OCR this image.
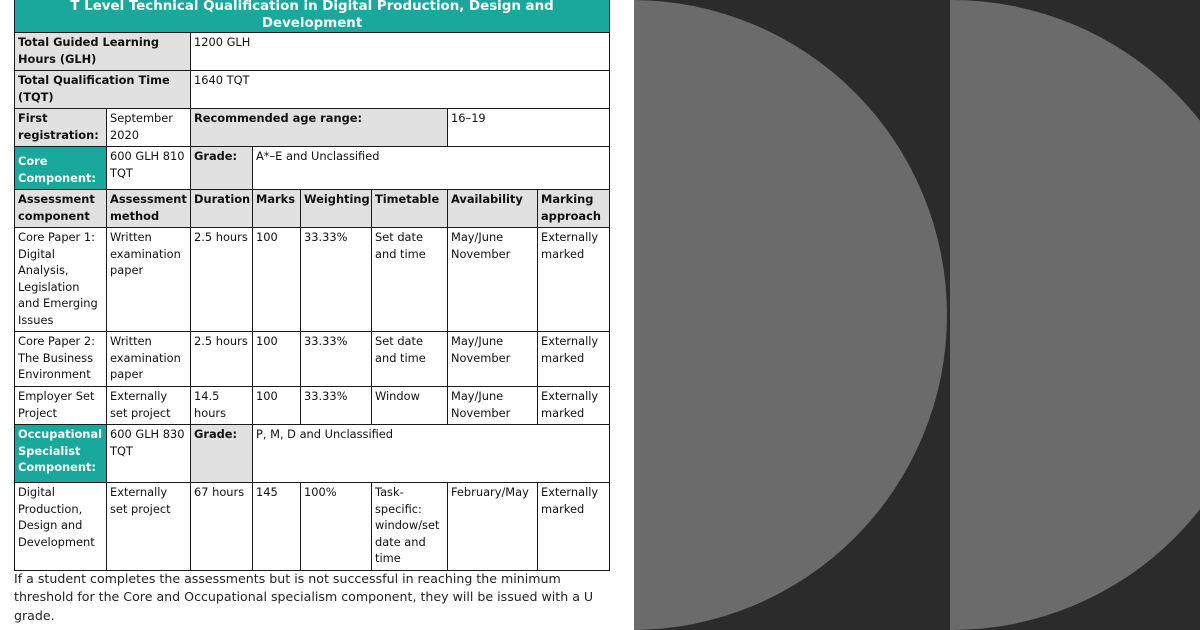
T Level Technical Qualification in Digital Production, Design and Development							
Total Guided Learning Hours (GLH)		1200 GLH					
Total Qualification Time (TQT)		1640 TQT					
First registration:	September 2020	Recommended age range:				16–19	
Core Component:	600 GLH 810 TQT	Grade:	A*–E and Unclassified				
Assessment component	Assessment method	Duration	Marks	Weighting	Timetable	Availability	Marking approach
Core Paper 1: Digital Analysis, Legislation and Emerging Issues	Written examination paper	2.5 hours	100	33.33%	Set date and time	May/June November	Externally marked
Core Paper 2: The Business Environment	Written examination paper	2.5 hours	100	33.33%	Set date and time	May/June November	Externally marked
Employer Set Project	Externally set project	14.5 hours	100	33.33%	Window	May/June November	Externally marked
Occupational Specialist Component:	600 GLH 830 TQT	Grade:	P, M, D and Unclassified				
Digital Production, Design and Development	Externally set project	67 hours	145	100%	Task-specific: window/set date and time	February/May	Externally marked
If a student completes the assessments but is not successful in reaching the minimum threshold for the Core and Occupational specialism component, they will be issued with a U grade.
